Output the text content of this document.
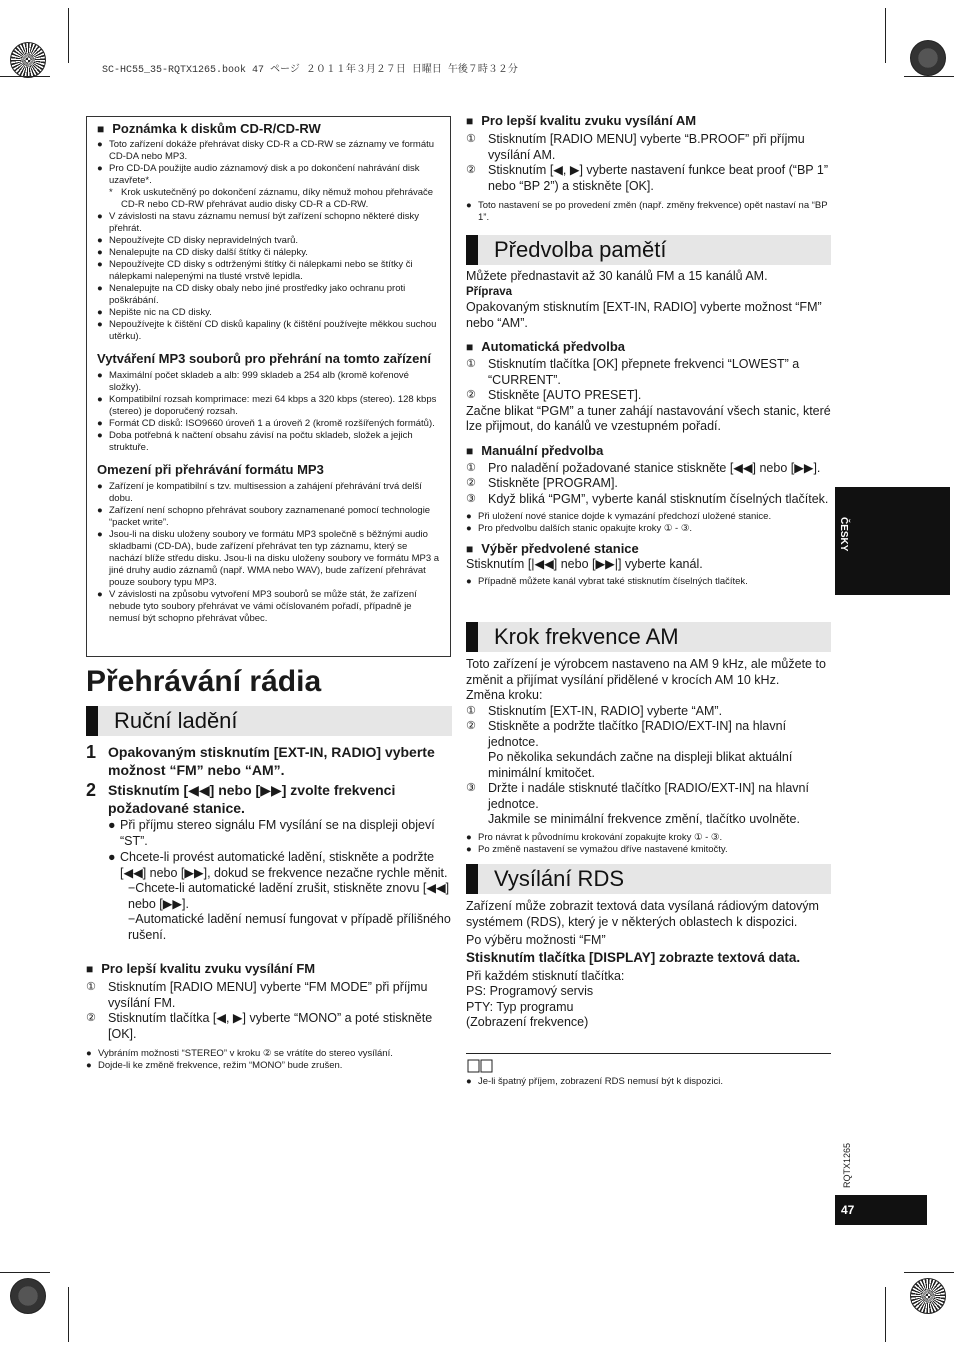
SC-HC55_35-RQTX1265.book 47 ページ ２０１１年３月２７日 日曜日 午後７時３２分
■ Poznámka k diskům CD-R/CD-RW
● Toto zařízení dokáže přehrávat disky CD-R a CD-RW se záznamy ve formátu CD-DA nebo MP3.
● Pro CD-DA použijte audio záznamový disk a po dokončení nahrávání disk uzavřete*.
* Krok uskutečněný po dokončení záznamu, díky němuž mohou přehrávače CD-R nebo CD-RW přehrávat audio disky CD-R a CD-RW.
● V závislosti na stavu záznamu nemusí být zařízení schopno některé disky přehrát.
● Nepoužívejte CD disky nepravidelných tvarů.
● Nenalepujte na CD disky další štítky či nálepky.
● Nepoužívejte CD disky s odtrženými štítky či nálepkami nebo se štítky či nálepkami nalepenými na tlusté vrstvě lepidla.
● Nenalepujte na CD disky obaly nebo jiné prostředky jako ochranu proti poškrábání.
● Nepište nic na CD disky.
● Nepoužívejte k čištění CD disků kapaliny (k čištění používejte měkkou suchou utěrku).
Vytváření MP3 souborů pro přehrání na tomto zařízení
● Maximální počet skladeb a alb: 999 skladeb a 254 alb (kromě kořenové složky).
● Kompatibilní rozsah komprimace: mezi 64 kbps a 320 kbps (stereo). 128 kbps (stereo) je doporučený rozsah.
● Formát CD disků: ISO9660 úroveň 1 a úroveň 2 (kromě rozšířených formátů).
● Doba potřebná k načtení obsahu závisí na počtu skladeb, složek a jejich struktuře.
Omezení při přehrávání formátu MP3
● Zařízení je kompatibilní s tzv. multisession a zahájení přehrávání trvá delší dobu.
● Zařízení není schopno přehrávat soubory zaznamenané pomocí technologie “packet write”.
● Jsou-li na disku uloženy soubory ve formátu MP3 společně s běžnými audio skladbami (CD-DA), bude zařízení přehrávat ten typ záznamu, který se nachází blíže středu disku. Jsou-li na disku uloženy soubory ve formátu MP3 a jiné druhy audio záznamů (např. WMA nebo WAV), bude zařízení přehrávat pouze soubory typu MP3.
● V závislosti na způsobu vytvoření MP3 souborů se může stát, že zařízení nebude tyto soubory přehrávat ve vámi očíslovaném pořadí, případně je nemusí být schopno přehrávat vůbec.
Přehrávání rádia
Ruční ladění
1 Opakovaným stisknutím [EXT-IN, RADIO] vyberte možnost “FM” nebo “AM”.
2 Stisknutím [◀◀] nebo [▶▶] zvolte frekvenci požadované stanice.
● Při příjmu stereo signálu FM vysílání se na displeji objeví “ST”.
● Chcete-li provést automatické ladění, stiskněte a podržte [◀◀] nebo [▶▶], dokud se frekvence nezačne rychle měnit.
−Chcete-li automatické ladění zrušit, stiskněte znovu [◀◀] nebo [▶▶].
−Automatické ladění nemusí fungovat v případě přílišného rušení.
■ Pro lepší kvalitu zvuku vysílání FM
① Stisknutím [RADIO MENU] vyberte “FM MODE” při příjmu vysílání FM.
② Stisknutím tlačítka [◀, ▶] vyberte “MONO” a poté stiskněte [OK].
● Vybráním možnosti “STEREO” v kroku ② se vrátíte do stereo vysílání.
● Dojde-li ke změně frekvence, režim “MONO” bude zrušen.
■ Pro lepší kvalitu zvuku vysílání AM
① Stisknutím [RADIO MENU] vyberte “B.PROOF” při příjmu vysílání AM.
② Stisknutím [◀, ▶] vyberte nastavení funkce beat proof (“BP 1” nebo “BP 2”) a stiskněte [OK].
● Toto nastavení se po provedení změn (např. změny frekvence) opět nastaví na “BP 1”.
Předvolba pamětí
Můžete přednastavit až 30 kanálů FM a 15 kanálů AM.
Příprava
Opakovaným stisknutím [EXT-IN, RADIO] vyberte možnost “FM” nebo “AM”.
■ Automatická předvolba
① Stisknutím tlačítka [OK] přepnete frekvenci “LOWEST” a “CURRENT”.
② Stiskněte [AUTO PRESET].
Začne blikat “PGM” a tuner zahájí nastavování všech stanic, které lze přijmout, do kanálů ve vzestupném pořadí.
■ Manuální předvolba
① Pro naladění požadované stanice stiskněte [◀◀] nebo [▶▶].
② Stiskněte [PROGRAM].
③ Když bliká “PGM”, vyberte kanál stisknutím číselných tlačítek.
● Při uložení nové stanice dojde k vymazání předchozí uložené stanice.
● Pro předvolbu dalších stanic opakujte kroky ① - ③.
■ Výběr předvolené stanice
Stisknutím [|◀◀] nebo [▶▶|] vyberte kanál.
● Případně můžete kanál vybrat také stisknutím číselných tlačítek.
Krok frekvence AM
Toto zařízení je výrobcem nastaveno na AM 9 kHz, ale můžete to změnit a přijímat vysílání přidělené v krocích AM 10 kHz.
Změna kroku:
① Stisknutím [EXT-IN, RADIO] vyberte “AM”.
② Stiskněte a podržte tlačítko [RADIO/EXT-IN] na hlavní jednotce.
Po několika sekundách začne na displeji blikat aktuální minimální kmitočet.
③ Držte i nadále stisknuté tlačítko [RADIO/EXT-IN] na hlavní jednotce.
Jakmile se minimální frekvence změní, tlačítko uvolněte.
● Pro návrat k původnímu krokování zopakujte kroky ① - ③.
● Po změně nastavení se vymažou dříve nastavené kmitočty.
Vysílání RDS
Zařízení může zobrazit textová data vysílaná rádiovým datovým systémem (RDS), který je v některých oblastech k dispozici.
Po výběru možnosti “FM”
Stisknutím tlačítka [DISPLAY] zobrazte textová data.
Při každém stisknutí tlačítka:
PS: Programový servis
PTY: Typ programu
(Zobrazení frekvence)
● Je-li špatný příjem, zobrazení RDS nemusí být k dispozici.
ČESKY
RQTX1265
47
